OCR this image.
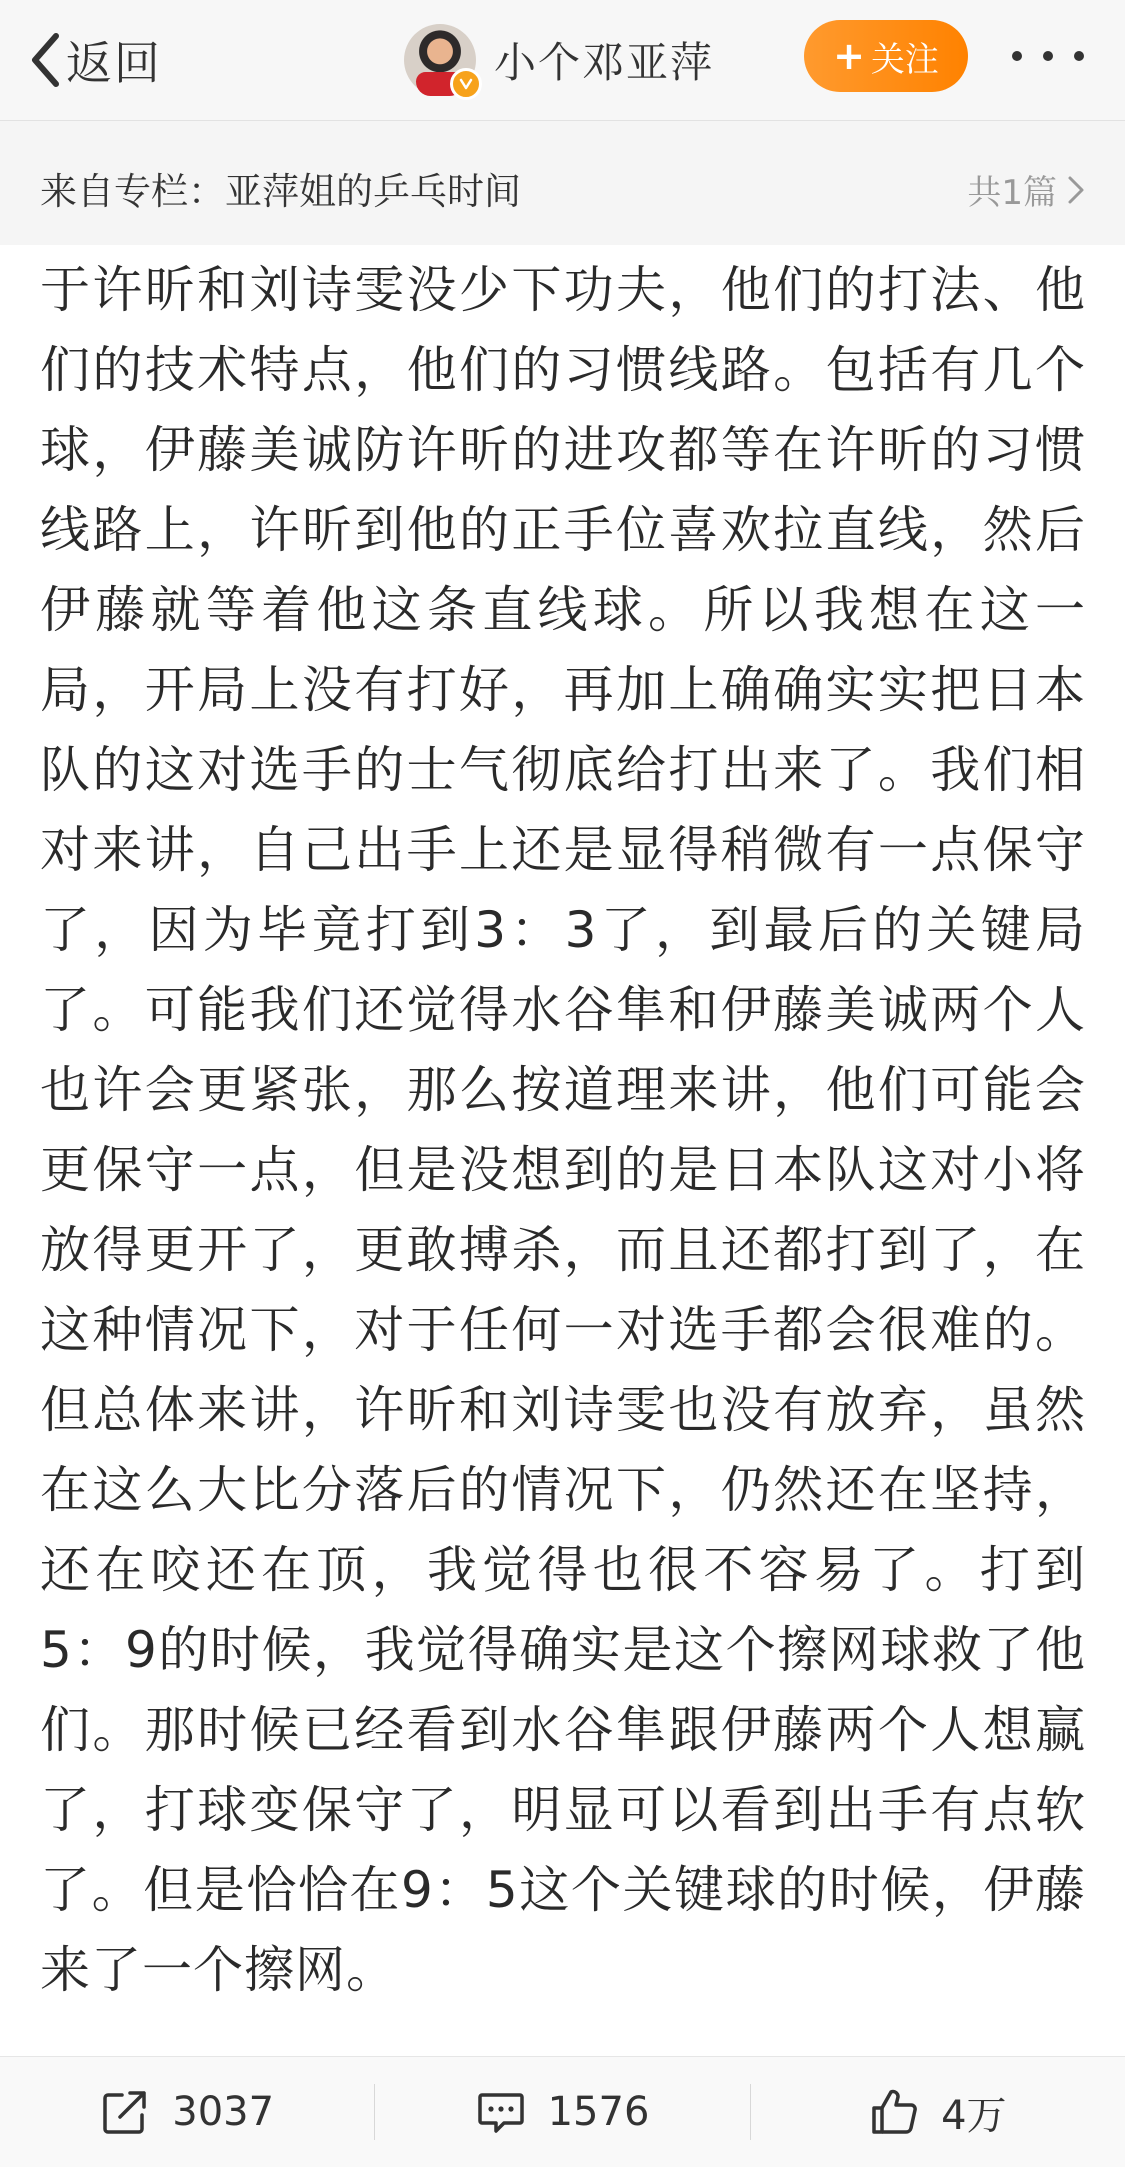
返回	小个邓亚萍	+ 关注
来自专栏：亚萍姐的乒乓时间	共1篇

于许昕和刘诗雯没少下功夫，他们的打法、他们的技术特点，他们的习惯线路。包括有几个球，伊藤美诚防许昕的进攻都等在许昕的习惯线路上，许昕到他的正手位喜欢拉直线，然后伊藤就等着他这条直线球。所以我想在这一局，开局上没有打好，再加上确确实实把日本队的这对选手的士气彻底给打出来了。我们相对来讲，自己出手上还是显得稍微有一点保守了，因为毕竟打到3：3了，到最后的关键局了。可能我们还觉得水谷隼和伊藤美诚两个人也许会更紧张，那么按道理来讲，他们可能会更保守一点，但是没想到的是日本队这对小将放得更开了，更敢搏杀，而且还都打到了，在这种情况下，对于任何一对选手都会很难的。但总体来讲，许昕和刘诗雯也没有放弃，虽然在这么大比分落后的情况下，仍然还在坚持，还在咬还在顶，我觉得也很不容易了。打到5：9的时候，我觉得确实是这个擦网球救了他们。那时候已经看到水谷隼跟伊藤两个人想赢了，打球变保守了，明显可以看到出手有点软了。但是恰恰在9：5这个关键球的时候，伊藤来了一个擦网。

3037	1576	4万
